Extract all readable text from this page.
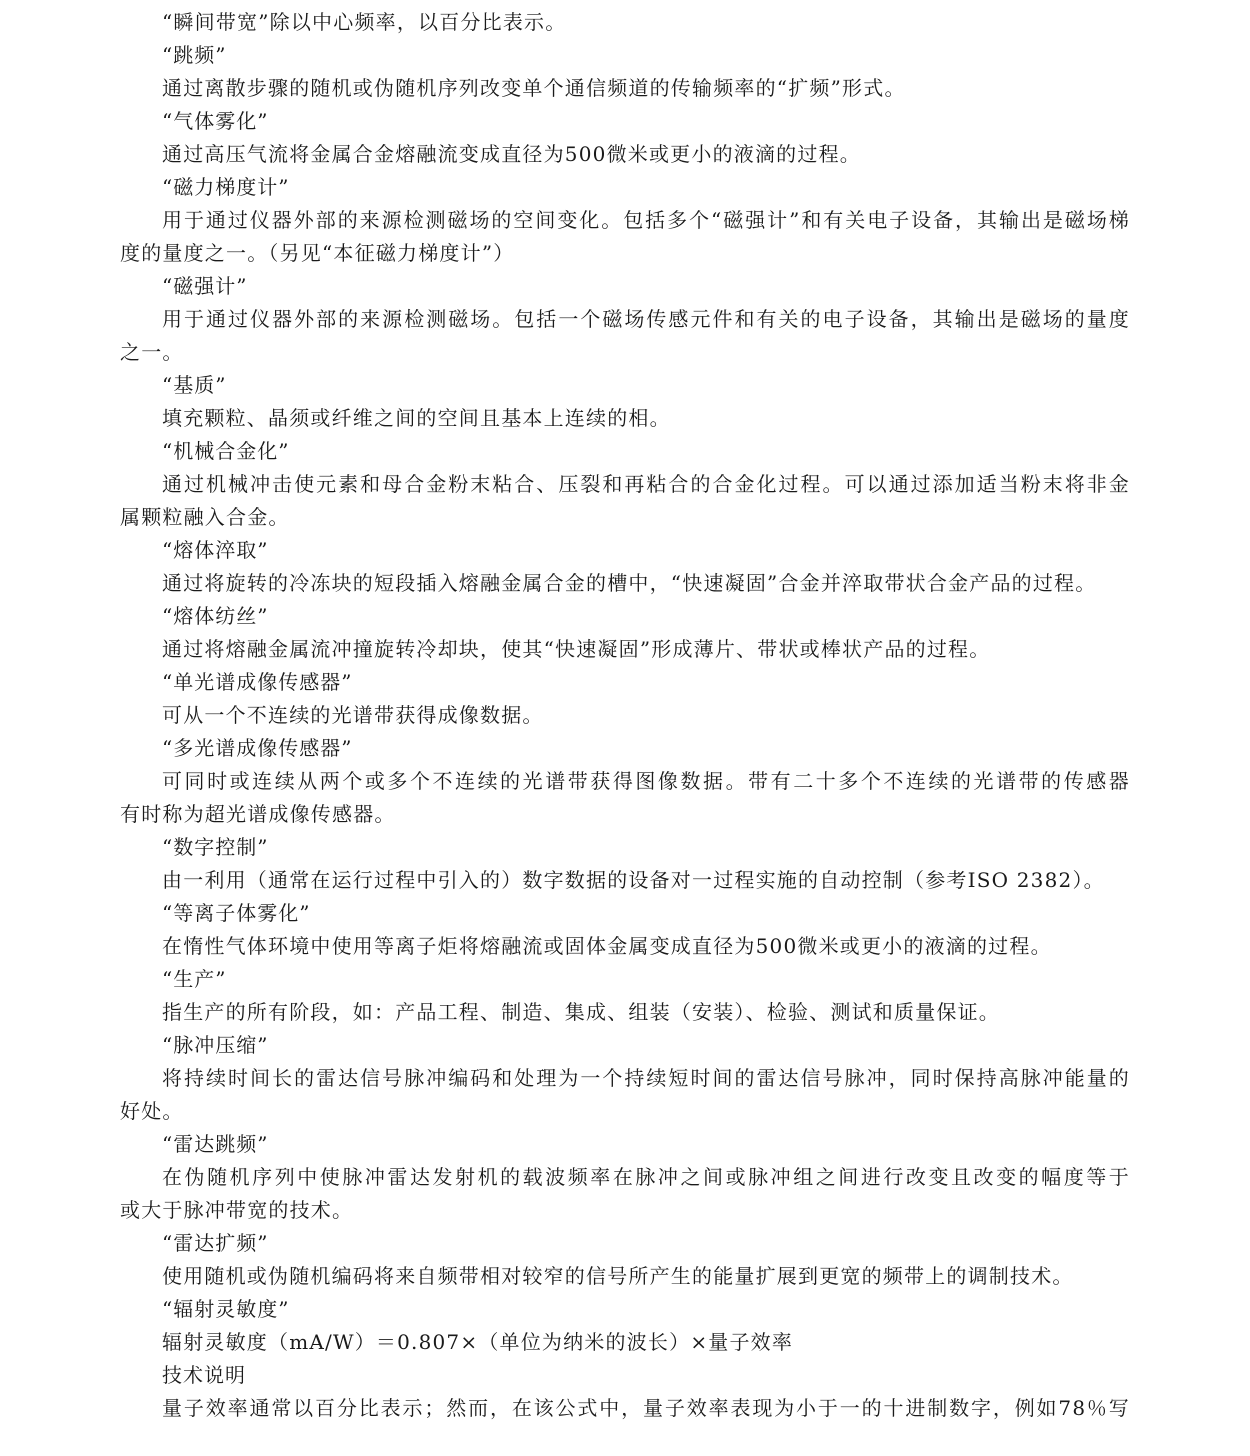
“瞬间带宽”除以中心频率，以百分比表示。

“跳频”

通过离散步骤的随机或伪随机序列改变单个通信频道的传输频率的“扩频”形式。

“气体雾化”

通过高压气流将金属合金熔融流变成直径为500微米或更小的液滴的过程。

“磁力梯度计”

用于通过仪器外部的来源检测磁场的空间变化。包括多个“磁强计”和有关电子设备，其输出是磁场梯

度的量度之一。（另见“本征磁力梯度计”）

“磁强计”

用于通过仪器外部的来源检测磁场。包括一个磁场传感元件和有关的电子设备，其输出是磁场的量度

之一。

“基质”

填充颗粒、晶须或纤维之间的空间且基本上连续的相。

“机械合金化”

通过机械冲击使元素和母合金粉末粘合、压裂和再粘合的合金化过程。可以通过添加适当粉末将非金

属颗粒融入合金。

“熔体淬取”

通过将旋转的冷冻块的短段插入熔融金属合金的槽中，“快速凝固”合金并淬取带状合金产品的过程。

“熔体纺丝”

通过将熔融金属流冲撞旋转冷却块，使其“快速凝固”形成薄片、带状或棒状产品的过程。

“单光谱成像传感器”

可从一个不连续的光谱带获得成像数据。

“多光谱成像传感器”

可同时或连续从两个或多个不连续的光谱带获得图像数据。带有二十多个不连续的光谱带的传感器

有时称为超光谱成像传感器。

“数字控制”

由一利用（通常在运行过程中引入的）数字数据的设备对一过程实施的自动控制（参考ISO 2382）。

“等离子体雾化”

在惰性气体环境中使用等离子炬将熔融流或固体金属变成直径为500微米或更小的液滴的过程。

“生产”

指生产的所有阶段，如：产品工程、制造、集成、组装（安装）、检验、测试和质量保证。

“脉冲压缩”

将持续时间长的雷达信号脉冲编码和处理为一个持续短时间的雷达信号脉冲，同时保持高脉冲能量的

好处。

“雷达跳频”

在伪随机序列中使脉冲雷达发射机的载波频率在脉冲之间或脉冲组之间进行改变且改变的幅度等于

或大于脉冲带宽的技术。

“雷达扩频”

使用随机或伪随机编码将来自频带相对较窄的信号所产生的能量扩展到更宽的频带上的调制技术。

“辐射灵敏度”

辐射灵敏度（mA/W）＝0.807×（单位为纳米的波长）×量子效率

技术说明

量子效率通常以百分比表示；然而，在该公式中，量子效率表现为小于一的十进制数字，例如78％写
